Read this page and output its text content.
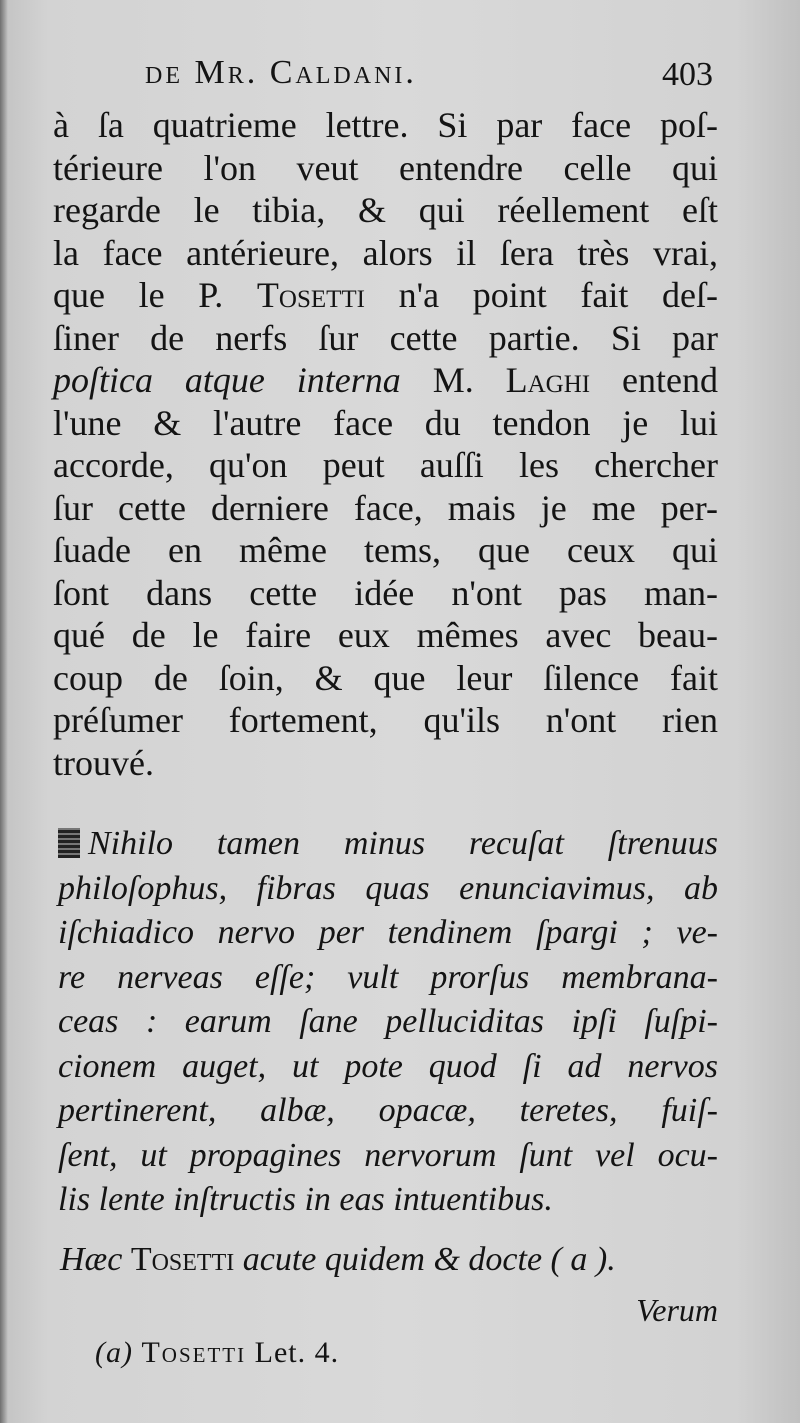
de Mr. Caldani.	403
à ſa quatrieme lettre. Si par face poſ-
térieure l'on veut entendre celle qui
regarde le tibia, & qui réellement eſt
la face antérieure, alors il ſera très vrai,
que le P. Tosetti n'a point fait deſ-
ſiner de nerfs ſur cette partie. Si par
poſtica atque interna M. Laghi entend
l'une & l'autre face du tendon je lui
accorde, qu'on peut auſſi les chercher
ſur cette derniere face, mais je me per-
ſuade en même tems, que ceux qui
ſont dans cette idée n'ont pas man-
qué de le faire eux mêmes avec beau-
coup de ſoin, & que leur ſilence fait
préſumer fortement, qu'ils n'ont rien
trouvé.
Nihilo tamen minus recuſat ſtrenuus
philoſophus, fibras quas enunciavimus, ab
iſchiadico nervo per tendinem ſpargi ; ve-
re nerveas eſſe; vult prorſus membrana-
ceas : earum ſane pelluciditas ipſi ſuſpi-
cionem auget, ut pote quod ſi ad nervos
pertinerent, albæ, opacæ, teretes, fuiſ-
ſent, ut propagines nervorum ſunt vel ocu-
lis lente inſtructis in eas intuentibus.
Hæc Tosetti acute quidem & docte ( a ).
Verum
(a) Tosetti Let. 4.
